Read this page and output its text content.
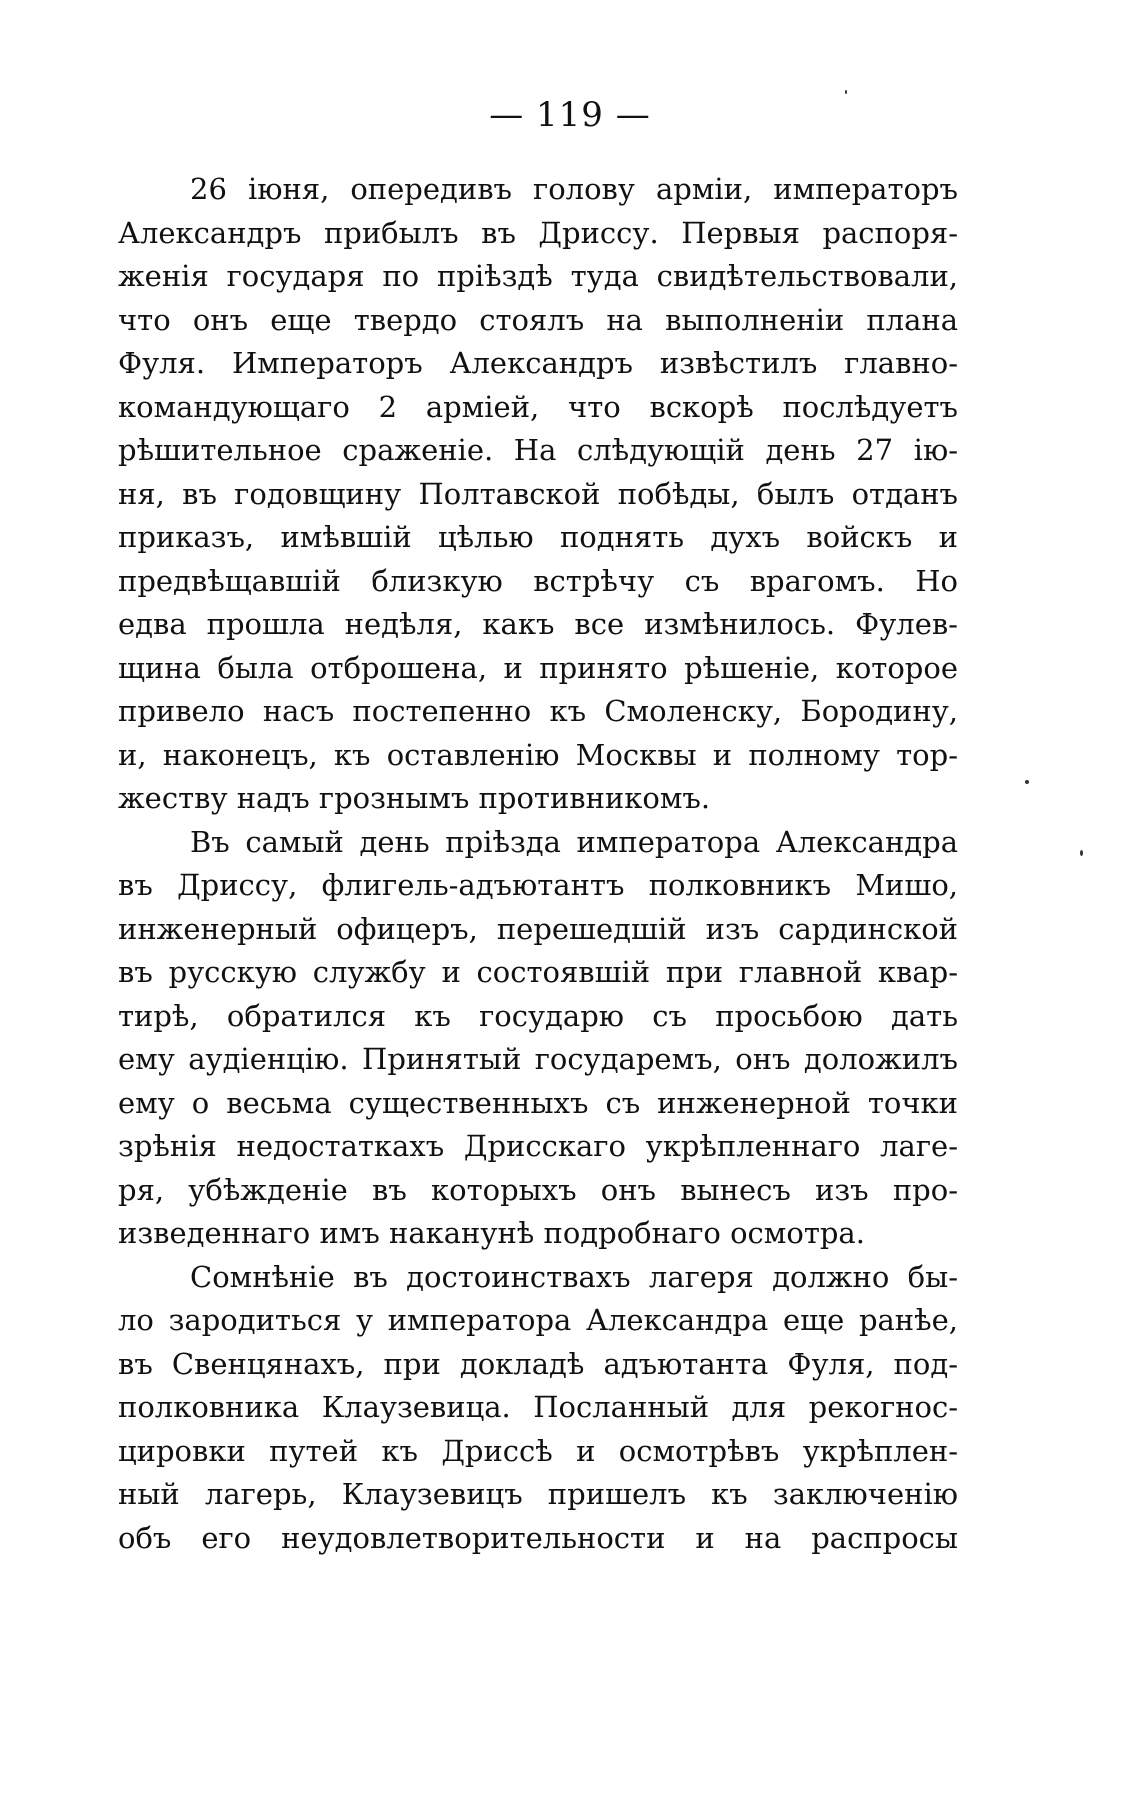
— 119 —
26 іюня, опередивъ голову арміи, императоръ
Александръ прибылъ въ Дриссу. Первыя распоря-
женія государя по пріѣздѣ туда свидѣтельствовали,
что онъ еще твердо стоялъ на выполненіи плана
Фуля. Императоръ Александръ извѣстилъ главно-
командующаго 2 арміей, что вскорѣ послѣдуетъ
рѣшительное сраженіе. На слѣдующій день 27 ію-
ня, въ годовщину Полтавской побѣды, былъ отданъ
приказъ, имѣвшій цѣлью поднять духъ войскъ и
предвѣщавшій близкую встрѣчу съ врагомъ. Но
едва прошла недѣля, какъ все измѣнилось. Фулев-
щина была отброшена, и принято рѣшеніе, которое
привело насъ постепенно къ Смоленску, Бородину,
и, наконецъ, къ оставленію Москвы и полному тор-
жеству надъ грознымъ противникомъ.
Въ самый день пріѣзда императора Александра
въ Дриссу, флигель-адъютантъ полковникъ Мишо,
инженерный офицеръ, перешедшій изъ сардинской
въ русскую службу и состоявшій при главной квар-
тирѣ, обратился къ государю съ просьбою дать
ему аудіенцію. Принятый государемъ, онъ доложилъ
ему о весьма существенныхъ съ инженерной точки
зрѣнія недостаткахъ Дрисскаго укрѣпленнаго лаге-
ря, убѣжденіе въ которыхъ онъ вынесъ изъ про-
изведеннаго имъ наканунѣ подробнаго осмотра.
Сомнѣніе въ достоинствахъ лагеря должно бы-
ло зародиться у императора Александра еще ранѣе,
въ Свенцянахъ, при докладѣ адъютанта Фуля, под-
полковника Клаузевица. Посланный для рекогнос-
цировки путей къ Дриссѣ и осмотрѣвъ укрѣплен-
ный лагерь, Клаузевицъ пришелъ къ заключенію
объ его неудовлетворительности и на распросы
